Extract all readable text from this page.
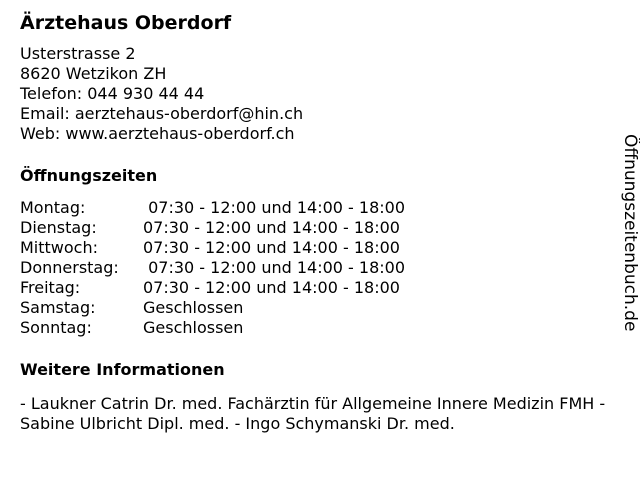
Ärztehaus Oberdorf
Usterstrasse 2
8620 Wetzikon ZH
Telefon: 044 930 44 44
Email: aerztehaus-oberdorf@hin.ch
Web: www.aerztehaus-oberdorf.ch
Öffnungszeiten
Montag:	07:30 - 12:00 und 14:00 - 18:00
Dienstag:	07:30 - 12:00 und 14:00 - 18:00
Mittwoch:	07:30 - 12:00 und 14:00 - 18:00
Donnerstag:	07:30 - 12:00 und 14:00 - 18:00
Freitag:	07:30 - 12:00 und 14:00 - 18:00
Samstag:	Geschlossen
Sonntag:	Geschlossen
Weitere Informationen
- Laukner Catrin Dr. med. Fachärztin für Allgemeine Innere Medizin FMH - Sabine Ulbricht Dipl. med. - Ingo Schymanski Dr. med.
Öffnungszeitenbuch.de
